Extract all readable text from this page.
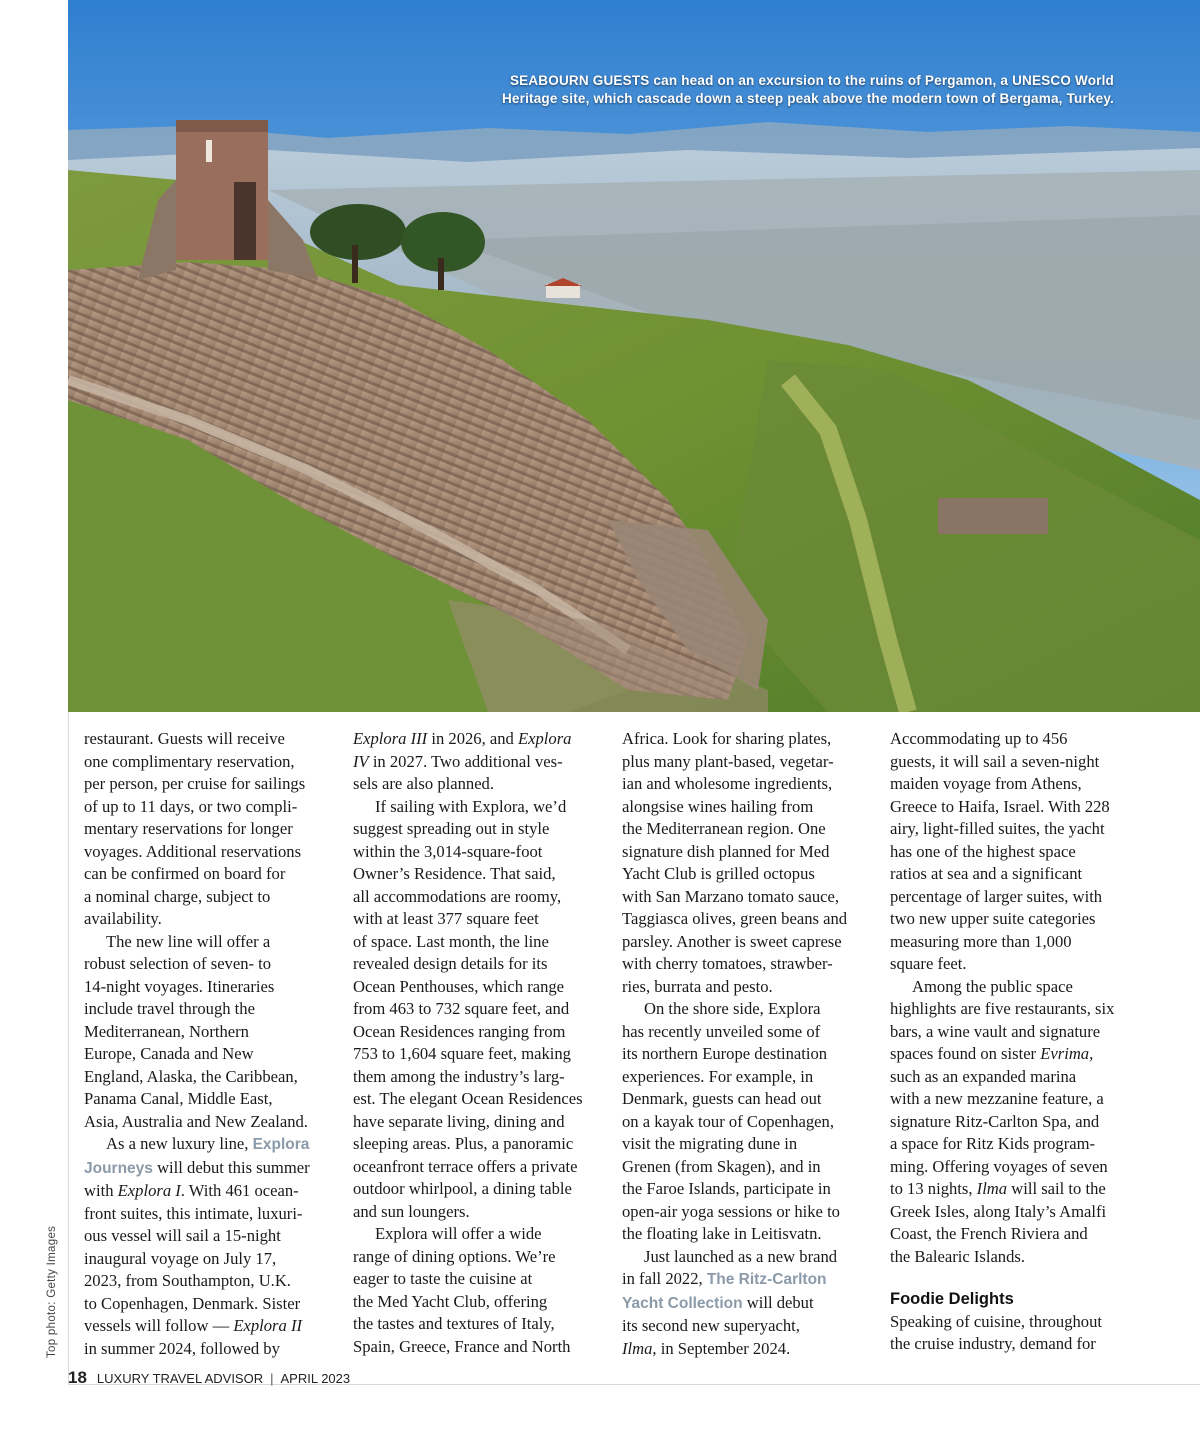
SEABOURN GUESTS can head on an excursion to the ruins of Pergamon, a UNESCO World
Heritage site, which cascade down a steep peak above the modern town of Bergama, Turkey.
Top photo: Getty Images
restaurant. Guests will receive
one complimentary reservation,
per person, per cruise for sailings
of up to 11 days, or two compli-
mentary reservations for longer
voyages. Additional reservations
can be confirmed on board for
a nominal charge, subject to
availability.
The new line will offer a
robust selection of seven- to
14-night voyages. Itineraries
include travel through the
Mediterranean, Northern
Europe, Canada and New
England, Alaska, the Caribbean,
Panama Canal, Middle East,
Asia, Australia and New Zealand.
As a new luxury line, Explora
Journeys will debut this summer
with Explora I. With 461 ocean-
front suites, this intimate, luxuri-
ous vessel will sail a 15-night
inaugural voyage on July 17,
2023, from Southampton, U.K.
to Copenhagen, Denmark. Sister
vessels will follow — Explora II
in summer 2024, followed by
Explora III in 2026, and Explora
IV in 2027. Two additional ves-
sels are also planned.
If sailing with Explora, we’d
suggest spreading out in style
within the 3,014-square-foot
Owner’s Residence. That said,
all accommodations are roomy,
with at least 377 square feet
of space. Last month, the line
revealed design details for its
Ocean Penthouses, which range
from 463 to 732 square feet, and
Ocean Residences ranging from
753 to 1,604 square feet, making
them among the industry’s larg-
est. The elegant Ocean Residences
have separate living, dining and
sleeping areas. Plus, a panoramic
oceanfront terrace offers a private
outdoor whirlpool, a dining table
and sun loungers.
Explora will offer a wide
range of dining options. We’re
eager to taste the cuisine at
the Med Yacht Club, offering
the tastes and textures of Italy,
Spain, Greece, France and North
Africa. Look for sharing plates,
plus many plant-based, vegetar-
ian and wholesome ingredients,
alongsise wines hailing from
the Mediterranean region. One
signature dish planned for Med
Yacht Club is grilled octopus
with San Marzano tomato sauce,
Taggiasca olives, green beans and
parsley. Another is sweet caprese
with cherry tomatoes, strawber-
ries, burrata and pesto.
On the shore side, Explora
has recently unveiled some of
its northern Europe destination
experiences. For example, in
Denmark, guests can head out
on a kayak tour of Copenhagen,
visit the migrating dune in
Grenen (from Skagen), and in
the Faroe Islands, participate in
open-air yoga sessions or hike to
the floating lake in Leitisvatn.
Just launched as a new brand
in fall 2022, The Ritz-Carlton
Yacht Collection will debut
its second new superyacht,
Ilma, in September 2024.
Accommodating up to 456
guests, it will sail a seven-night
maiden voyage from Athens,
Greece to Haifa, Israel. With 228
airy, light-filled suites, the yacht
has one of the highest space
ratios at sea and a significant
percentage of larger suites, with
two new upper suite categories
measuring more than 1,000
square feet.
Among the public space
highlights are five restaurants, six
bars, a wine vault and signature
spaces found on sister Evrima,
such as an expanded marina
with a new mezzanine feature, a
signature Ritz-Carlton Spa, and
a space for Ritz Kids program-
ming. Offering voyages of seven
to 13 nights, Ilma will sail to the
Greek Isles, along Italy’s Amalfi
Coast, the French Riviera and
the Balearic Islands.
Foodie Delights
Speaking of cuisine, throughout
the cruise industry, demand for
18 LUXURY TRAVEL ADVISOR | APRIL 2023
